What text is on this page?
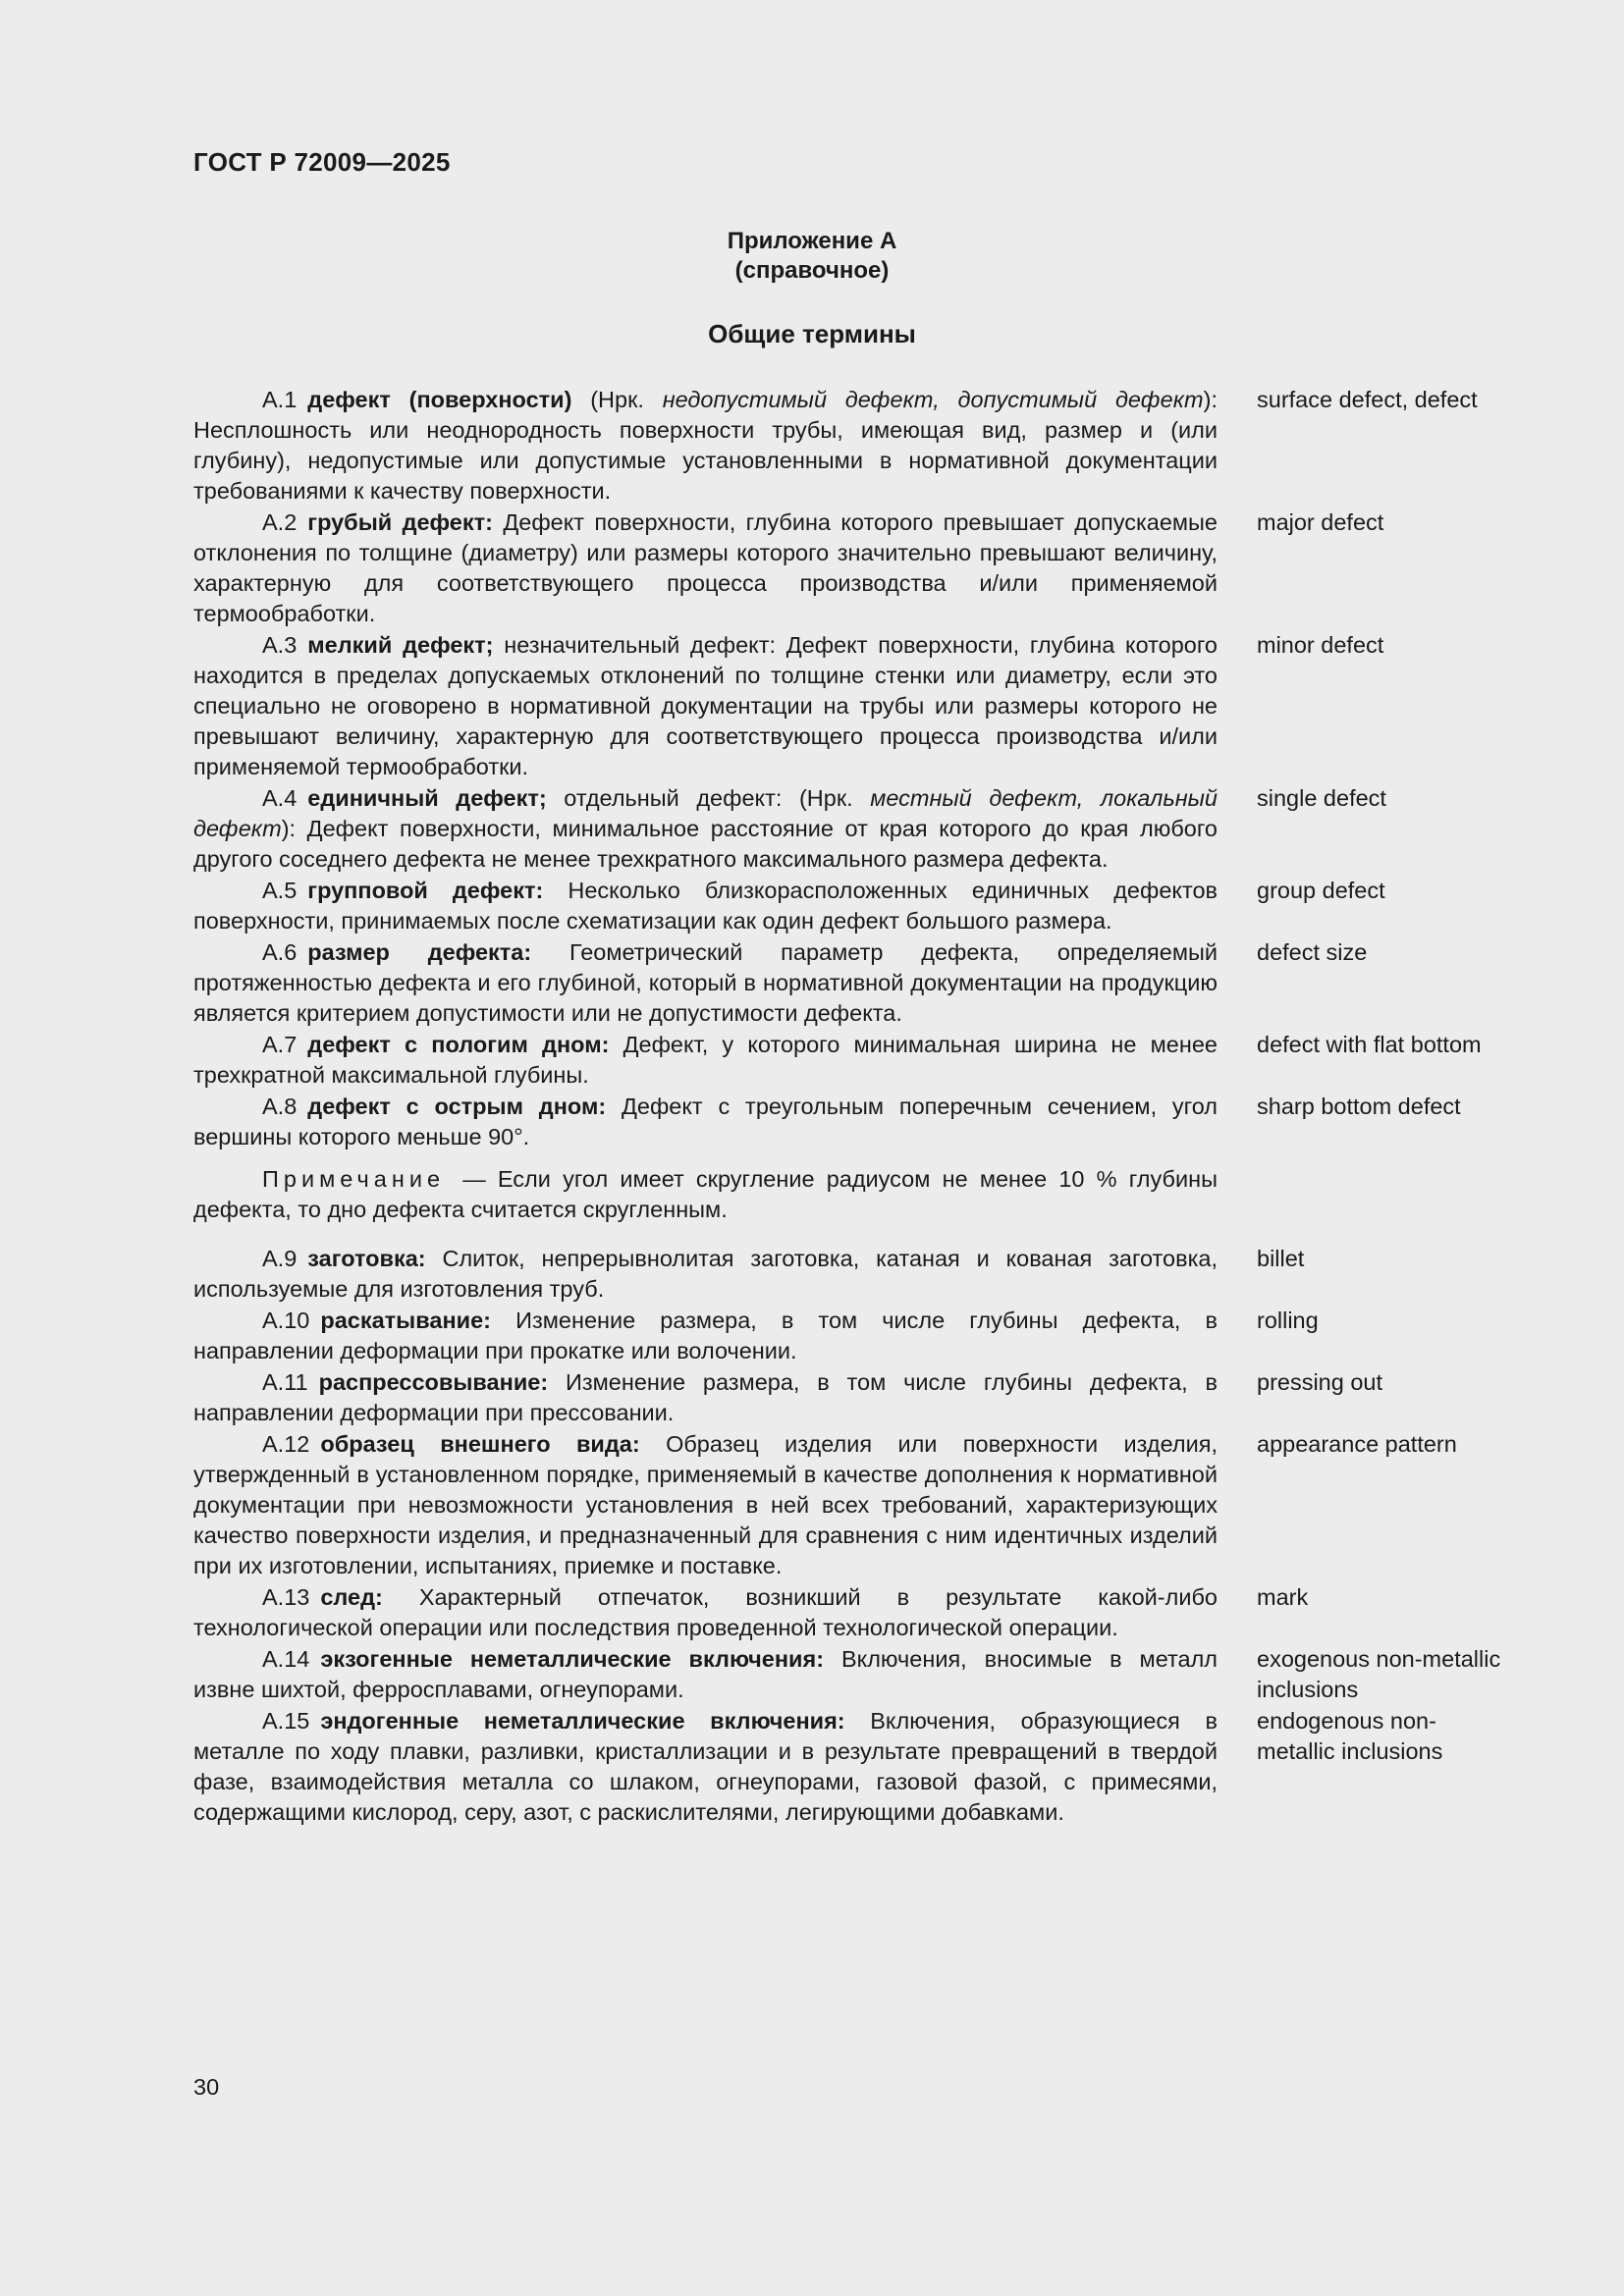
ГОСТ Р 72009—2025
Приложение А
(справочное)
Общие термины
А.1 дефект (поверхности) (Нрк. недопустимый дефект, допустимый дефект): Несплошность или неоднородность поверхности трубы, имеющая вид, размер и (или глубину), недопустимые или допустимые установленными в нормативной документации требованиями к качеству поверхности.
surface defect, defect
А.2 грубый дефект: Дефект поверхности, глубина которого превышает допускаемые отклонения по толщине (диаметру) или размеры которого значительно превышают величину, характерную для соответствующего процесса производства и/или применяемой термообработки.
major defect
А.3 мелкий дефект; незначительный дефект: Дефект поверхности, глубина которого находится в пределах допускаемых отклонений по толщине стенки или диаметру, если это специально не оговорено в нормативной документации на трубы или размеры которого не превышают величину, характерную для соответствующего процесса производства и/или применяемой термообработки.
minor defect
А.4 единичный дефект; отдельный дефект: (Нрк. местный дефект, локальный дефект): Дефект поверхности, минимальное расстояние от края которого до края любого другого соседнего дефекта не менее трехкратного максимального размера дефекта.
single defect
А.5 групповой дефект: Несколько близкорасположенных единичных дефектов поверхности, принимаемых после схематизации как один дефект большого размера.
group defect
А.6 размер дефекта: Геометрический параметр дефекта, определяемый протяженностью дефекта и его глубиной, который в нормативной документации на продукцию является критерием допустимости или не допустимости дефекта.
defect size
А.7 дефект с пологим дном: Дефект, у которого минимальная ширина не менее трехкратной максимальной глубины.
defect with flat bottom
А.8 дефект с острым дном: Дефект с треугольным поперечным сечением, угол вершины которого меньше 90°.
sharp bottom defect
Примечание — Если угол имеет скругление радиусом не менее 10 % глубины дефекта, то дно дефекта считается скругленным.
А.9 заготовка: Слиток, непрерывнолитая заготовка, катаная и кованая заготовка, используемые для изготовления труб.
billet
А.10 раскатывание: Изменение размера, в том числе глубины дефекта, в направлении деформации при прокатке или волочении.
rolling
А.11 распрессовывание: Изменение размера, в том числе глубины дефекта, в направлении деформации при прессовании.
pressing out
А.12 образец внешнего вида: Образец изделия или поверхности изделия, утвержденный в установленном порядке, применяемый в качестве дополнения к нормативной документации при невозможности установления в ней всех требований, характеризующих качество поверхности изделия, и предназначенный для сравнения с ним идентичных изделий при их изготовлении, испытаниях, приемке и поставке.
appearance pattern
А.13 след: Характерный отпечаток, возникший в результате какой-либо технологической операции или последствия проведенной технологической операции.
mark
А.14 экзогенные неметаллические включения: Включения, вносимые в металл извне шихтой, ферросплавами, огнеупорами.
exogenous non-metallic inclusions
А.15 эндогенные неметаллические включения: Включения, образующиеся в металле по ходу плавки, разливки, кристаллизации и в результате превращений в твердой фазе, взаимодействия металла со шлаком, огнеупорами, газовой фазой, с примесями, содержащими кислород, серу, азот, с раскислителями, легирующими добавками.
endogenous non-metallic inclusions
30
